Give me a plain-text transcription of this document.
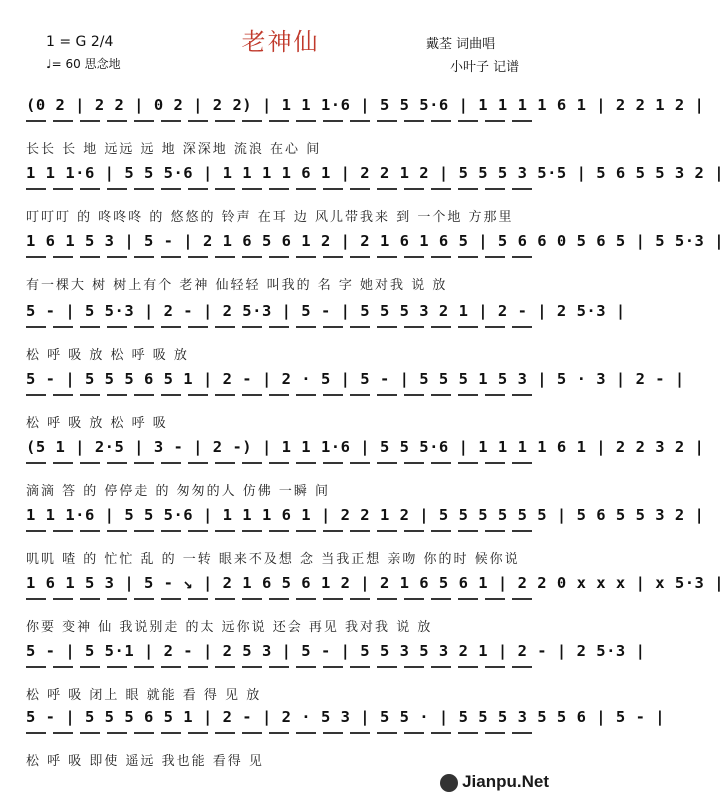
老神仙
1 = G 2/4
♩= 60 思念地
戴荃 词曲唱
小叶子 记谱
(0 2 | 2 2 | 0 2 | 2 2) | 1 1 1·6 | 5 5 5·6 | 1 1 1 1 6 1 | 2 2 1 2 |
长长 长 地 远远 远 地 深深地 流浪 在心 间
1 1 1·6 | 5 5 5·6 | 1 1 1 1 6 1 | 2 2 1 2 | 5 5 5 3 5·5 | 5 6 5 5 3 2 |
叮叮叮 的 咚咚咚 的 悠悠的 铃声 在耳 边 风儿带我来 到 一个地 方那里
1 6 1 5 3 | 5 - | 2 1 6 5 6 1 2 | 2 1 6 1 6 5 | 5 6 6 0 5 6 5 | 5 5·3 |
有一棵大 树 树上有个 老神 仙轻轻 叫我的 名 字 她对我 说 放
5 - | 5 5·3 | 2 - | 2 5·3 | 5 - | 5 5 5 3 2 1 | 2 - | 2 5·3 |
松 呼 吸 放 松 呼 吸 放
5 - | 5 5 5 6 5 1 | 2 - | 2 · 5 | 5 - | 5 5 5 1 5 3 | 5 · 3 | 2 - |
松 呼 吸 放 松 呼 吸
(5 1 | 2·5 | 3 - | 2 -) | 1 1 1·6 | 5 5 5·6 | 1 1 1 1 6 1 | 2 2 3 2 |
滴滴 答 的 停停走 的 匆匆的人 仿佛 一瞬 间
1 1 1·6 | 5 5 5·6 | 1 1 1 6 1 | 2 2 1 2 | 5 5 5 5 5 5 | 5 6 5 5 3 2 |
叽叽 喳 的 忙忙 乱 的 一转 眼来不及想 念 当我正想 亲吻 你的时 候你说
1 6 1 5 3 | 5 - ↘ | 2 1 6 5 6 1 2 | 2 1 6 5 6 1 | 2 2 0 x x x | x 5·3 |
你要 变神 仙 我说别走 的太 远你说 还会 再见 我对我 说 放
5 - | 5 5·1 | 2 - | 2 5 3 | 5 - | 5 5 3 5 3 2 1 | 2 - | 2 5·3 |
松 呼 吸 闭上 眼 就能 看 得 见 放
5 - | 5 5 5 6 5 1 | 2 - | 2 · 5 3 | 5 5 · | 5 5 5 3 5 5 6 | 5 - |
松 呼 吸 即使 遥远 我也能 看得 见
Jianpu.Net
